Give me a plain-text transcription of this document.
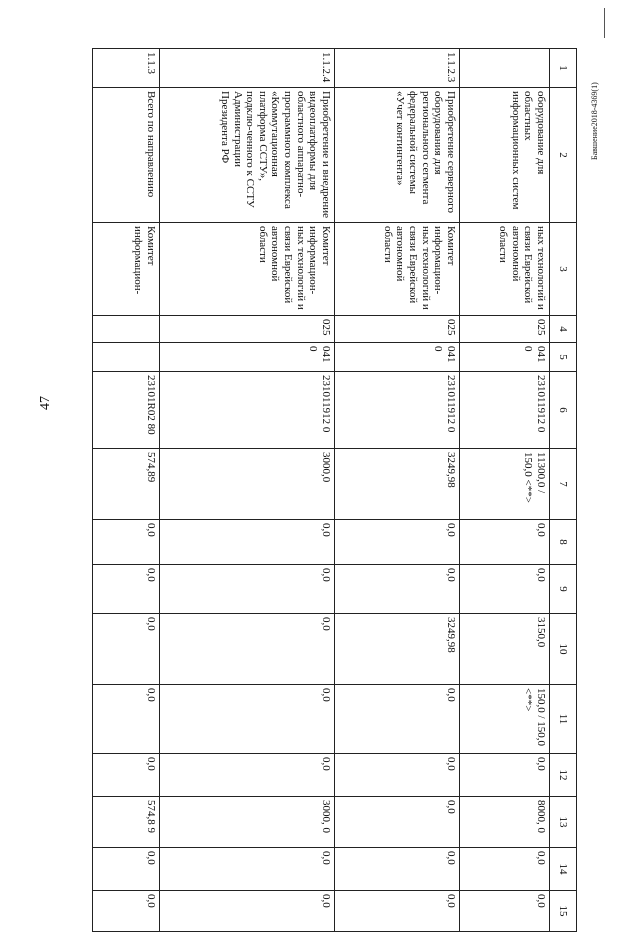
47
Бавшение2018-4369(1)
1	2	3	4	5	6	7	8	9	10	11	12	13	14	15
	оборудование для областных информационных систем	ных технологий и связи Еврейской автономной области	025	041 0	231011912 0	11300,0 / 150,0 <**>	0,0	0,0	3150,0	150,0 / 150,0 <**>	0,0	8000, 0	0,0	0,0
1.1.2.3	Приобретение серверного оборудования для регионального сегмента федеральной системы «Учет контингента»	Комитет информацион-ных технологий и связи Еврейской автономной области	025	041 0	231011912 0	3249,98	0,0	0,0	3249,98	0,0	0,0	0,0	0,0	0,0
1.1.2.4	Приобретение и внедрение видеоплатформы для областного аппаратно-программного комплекса «Коммутационная платформа ССТУ», подклю-ченного к ССТУ Администрации Президента РФ	Комитет информацион-ных технологий и связи Еврейской автономной области	025	041 0	231011912 0	3000,0	0,0	0,0	0,0	0,0	0,0	3000, 0	0,0	0,0
1.1.3	Всего по направлению	Комитет информацион-			23101R02 80	574,89	0,0	0,0	0,0	0,0	0,0	574,8 9	0,0	0,0
